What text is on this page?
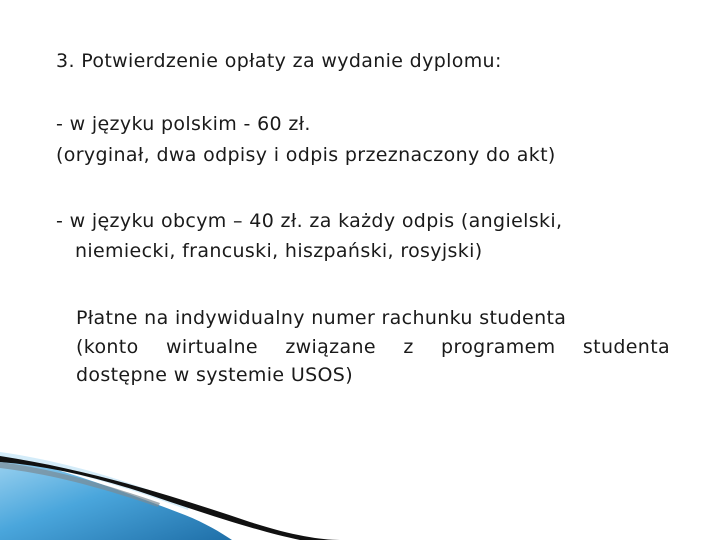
3. Potwierdzenie opłaty za wydanie dyplomu:
- w języku polskim - 60 zł.
(oryginał, dwa odpisy i odpis przeznaczony do akt)
- w języku obcym – 40 zł. za każdy odpis (angielski,
niemiecki, francuski, hiszpański, rosyjski)
Płatne na indywidualny numer rachunku studenta
(konto wirtualne związane z programem studenta
dostępne w systemie USOS)
